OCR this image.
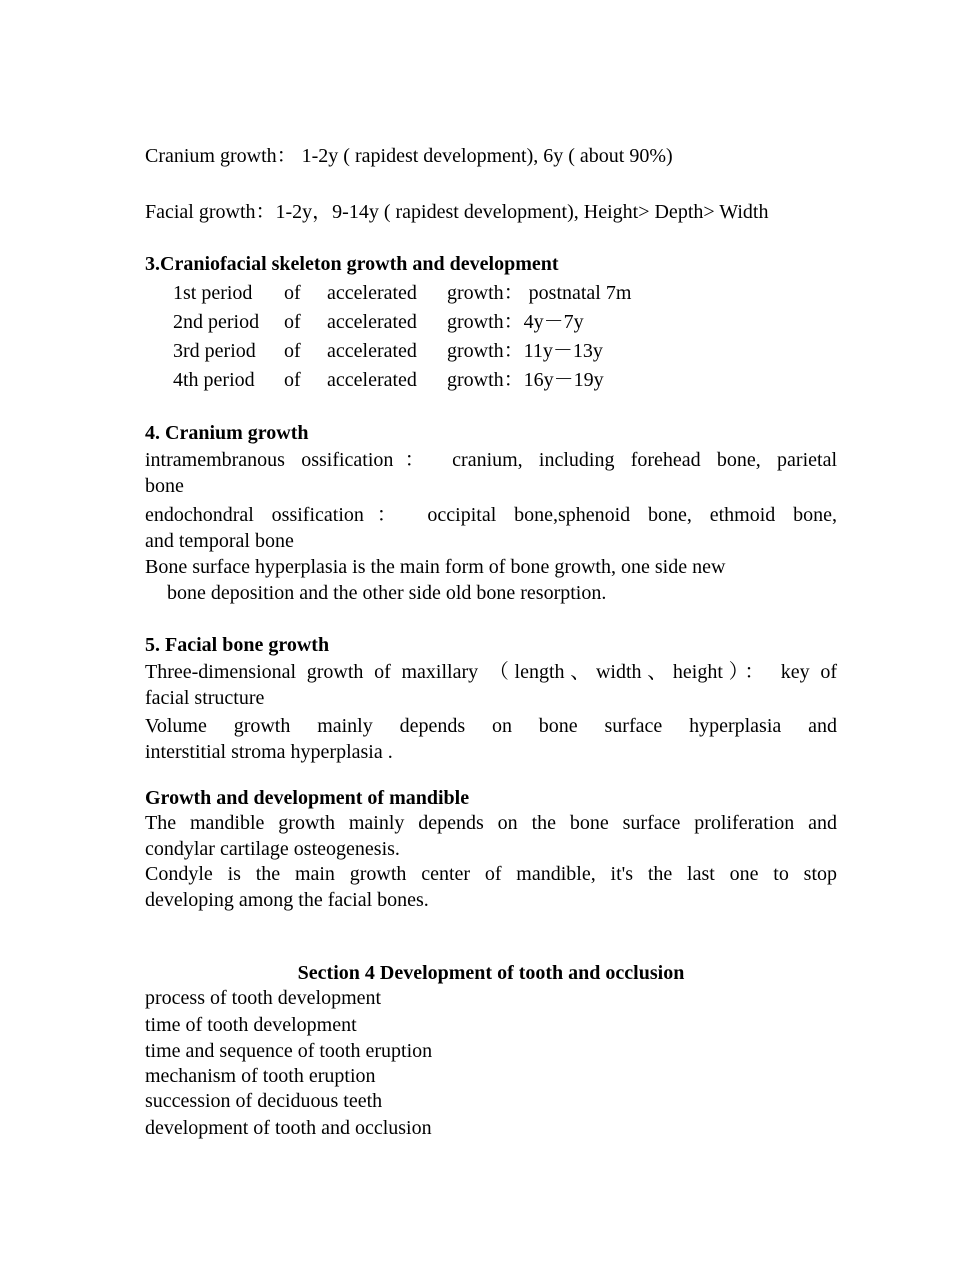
Cranium growth： 1-2y ( rapidest development), 6y ( about 90%)
Facial growth：1-2y，9-14y ( rapidest development), Height> Depth> Width
3.Craniofacial skeleton growth and development
1st period of accelerated growth： postnatal 7m
2nd period of accelerated growth：4y－7y
3rd period of accelerated growth：11y－13y
4th period of accelerated growth：16y－19y
4. Cranium growth
intramembranous ossification： cranium, including forehead bone, parietal
bone
endochondral ossification： occipital bone,sphenoid bone, ethmoid bone,
and temporal bone
Bone surface hyperplasia is the main form of bone growth, one side new
bone deposition and the other side old bone resorption.
5. Facial bone growth
Three-dimensional growth of maxillary （length、width、height）： key of
facial structure
Volume growth mainly depends on bone surface hyperplasia and
interstitial stroma hyperplasia .
Growth and development of mandible
The mandible growth mainly depends on the bone surface proliferation and
condylar cartilage osteogenesis.
Condyle is the main growth center of mandible, it's the last one to stop
developing among the facial bones.
Section 4 Development of tooth and occlusion
process of tooth development
time of tooth development
time and sequence of tooth eruption
mechanism of tooth eruption
succession of deciduous teeth
development of tooth and occlusion
